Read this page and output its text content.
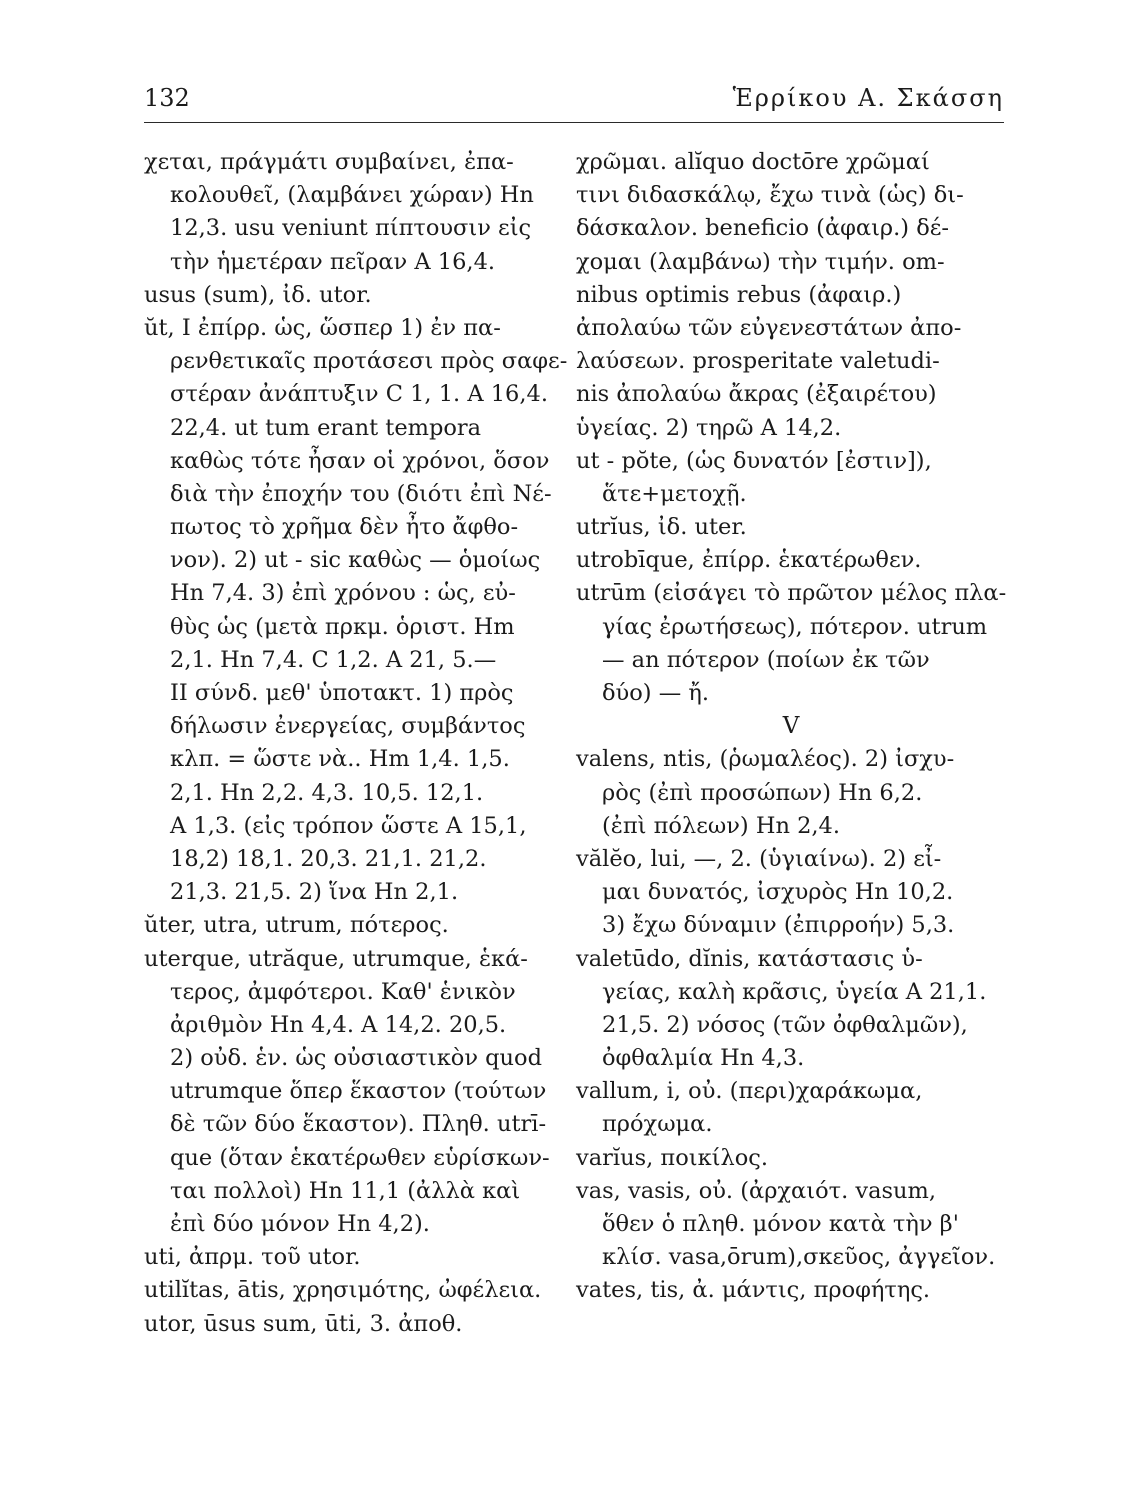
132	Ἑρρίκου Α. Σκάσση
χεται, πράγμάτι συμβαίνει, ἐπα-
κολουθεῖ, (λαμβάνει χώραν) Hn
12,3. usu veniunt πίπτουσιν εἰς
τὴν ἡμετέραν πεῖραν A 16,4.
usus (sum), ἰδ. utor.
ŭt, I ἐπίρρ. ὡς, ὥσπερ 1) ἐν πα-
ρενθετικαῖς προτάσεσι πρὸς σαφε-
στέραν ἀνάπτυξιν C 1, 1. A 16,4.
22,4. ut tum erant tempora
καθὼς τότε ἦσαν οἱ χρόνοι, ὅσον
διὰ τὴν ἐποχήν του (διότι ἐπὶ Νέ-
πωτος τὸ χρῆμα δὲν ἦτο ἄφθο-
νον). 2) ut - sic καθὼς — ὁμοίως
Hn 7,4. 3) ἐπὶ χρόνου : ὡς, εὐ-
θὺς ὡς (μετὰ πρκμ. ὁριστ. Hm
2,1. Hn 7,4. C 1,2. A 21, 5.—
II σύνδ. μεθ' ὑποτακτ. 1) πρὸς
δήλωσιν ἐνεργείας, συμβάντος
κλπ. = ὥστε νὰ.. Hm 1,4. 1,5.
2,1. Hn 2,2. 4,3. 10,5. 12,1.
A 1,3. (εἰς τρόπον ὥστε A 15,1,
18,2) 18,1. 20,3. 21,1. 21,2.
21,3. 21,5. 2) ἵνα Hn 2,1.
ŭter, utra, utrum, πότερος.
uterque, utrăque, utrumque, ἑκά-
τερος, ἀμφότεροι. Καθ' ἑνικὸν
ἀριθμὸν Hn 4,4. A 14,2. 20,5.
2) οὐδ. ἑν. ὡς οὐσιαστικὸν quod
utrumque ὅπερ ἕκαστον (τούτων
δὲ τῶν δύο ἕκαστον). Πληθ. utrī-
que (ὅταν ἑκατέρωθεν εὑρίσκων-
ται πολλοὶ) Hn 11,1 (ἀλλὰ καὶ
ἐπὶ δύο μόνον Hn 4,2).
uti, ἀπρμ. τοῦ utor.
utilĭtas, ātis, χρησιμότης, ὠφέλεια.
utor, ūsus sum, ūti, 3. ἀποθ.
χρῶμαι. alĭquo doctōre χρῶμαί
τινι διδασκάλῳ, ἔχω τινὰ (ὡς) δι-
δάσκαλον. beneficio (ἀφαιρ.) δέ-
χομαι (λαμβάνω) τὴν τιμήν. om-
nibus optimis rebus (ἀφαιρ.)
ἀπολαύω τῶν εὐγενεστάτων ἀπο-
λαύσεων. prosperitate valetudi-
nis ἀπολαύω ἄκρας (ἐξαιρέτου)
ὑγείας. 2) τηρῶ A 14,2.
ut - pŏte, (ὡς δυνατόν [ἐστιν]),
ἅτε+μετοχῇ.
utrĭus, ἰδ. uter.
utrobīque, ἐπίρρ. ἑκατέρωθεν.
utrūm (εἰσάγει τὸ πρῶτον μέλος πλα-
γίας ἐρωτήσεως), πότερον. utrum
— an πότερον (ποίων ἐκ τῶν
δύο) — ἤ.
V
valens, ntis, (ῥωμαλέος). 2) ἰσχυ-
ρὸς (ἐπὶ προσώπων) Hn 6,2.
(ἐπὶ πόλεων) Hn 2,4.
vălĕo, lui, —, 2. (ὑγιαίνω). 2) εἶ-
μαι δυνατός, ἰσχυρὸς Hn 10,2.
3) ἔχω δύναμιν (ἐπιρροήν) 5,3.
valetūdo, dĭnis, κατάστασις ὑ-
γείας, καλὴ κρᾶσις, ὑγεία A 21,1.
21,5. 2) νόσος (τῶν ὀφθαλμῶν),
ὀφθαλμία Hn 4,3.
vallum, i, οὐ. (περι)χαράκωμα,
πρόχωμα.
varĭus, ποικίλος.
vas, vasis, οὐ. (ἀρχαιότ. vasum,
ὅθεν ὁ πληθ. μόνον κατὰ τὴν β'
κλίσ. vasa,ōrum),σκεῦος, ἀγγεῖον.
vates, tis, ἀ. μάντις, προφήτης.
